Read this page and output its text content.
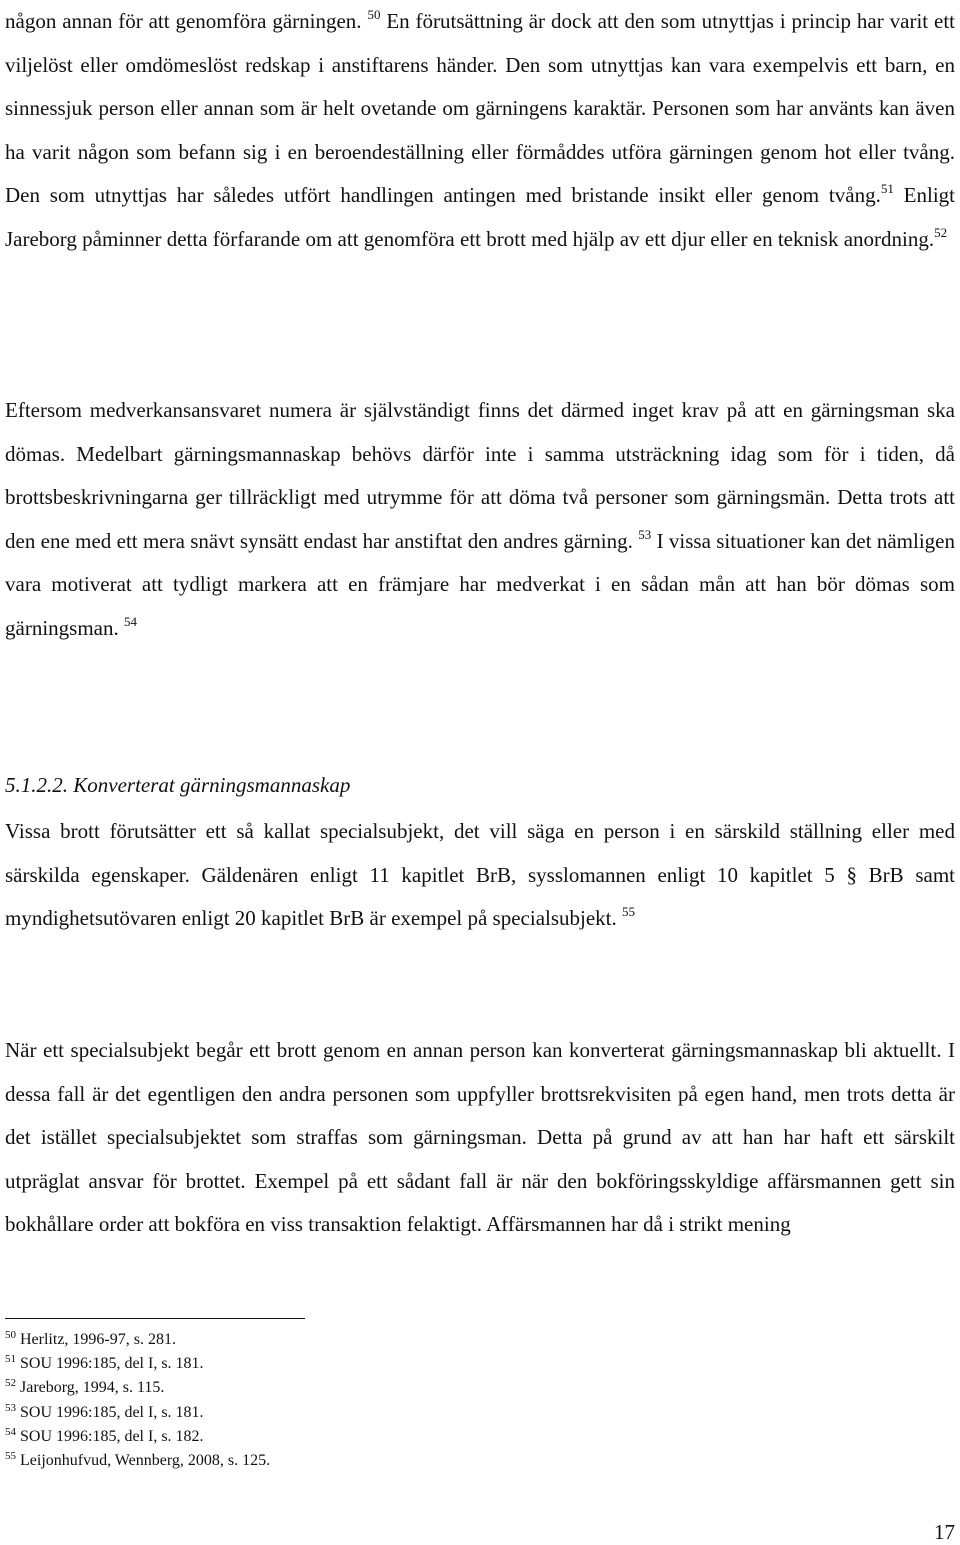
någon annan för att genomföra gärningen. $^{50}$ En förutsättning är dock att den som utnyttjas i princip har varit ett viljelöst eller omdömeslöst redskap i anstiftarens händer. Den som utnyttjas kan vara exempelvis ett barn, en sinnessjuk person eller annan som är helt ovetande om gärningens karaktär. Personen som har använts kan även ha varit någon som befann sig i en beroendeställning eller förmåddes utföra gärningen genom hot eller tvång. Den som utnyttjas har således utfört handlingen antingen med bristande insikt eller genom tvång.$^{51}$ Enligt Jareborg påminner detta förfarande om att genomföra ett brott med hjälp av ett djur eller en teknisk anordning.$^{52}$

Eftersom medverkansansvaret numera är självständigt finns det därmed inget krav på att en gärningsman ska dömas. Medelbart gärningsmannaskap behövs därför inte i samma utsträckning idag som för i tiden, då brottsbeskrivningarna ger tillräckligt med utrymme för att döma två personer som gärningsmän. Detta trots att den ene med ett mera snävt synsätt endast har anstiftat den andres gärning. $^{53}$ I vissa situationer kan det nämligen vara motiverat att tydligt markera att en främjare har medverkat i en sådan mån att han bör dömas som gärningsman. $^{54}$

5.1.2.2. Konverterat gärningsmannaskap

Vissa brott förutsätter ett så kallat specialsubjekt, det vill säga en person i en särskild ställning eller med särskilda egenskaper. Gäldenären enligt 11 kapitlet BrB, sysslomannen enligt 10 kapitlet 5 § BrB samt myndighetsutövaren enligt 20 kapitlet BrB är exempel på specialsubjekt. $^{55}$

När ett specialsubjekt begår ett brott genom en annan person kan konverterat gärningsmannaskap bli aktuellt. I dessa fall är det egentligen den andra personen som uppfyller brottsrekvisiten på egen hand, men trots detta är det istället specialsubjektet som straffas som gärningsman. Detta på grund av att han har haft ett särskilt utpräglat ansvar för brottet. Exempel på ett sådant fall är när den bokföringsskyldige affärsmannen gett sin bokhållare order att bokföra en viss transaktion felaktigt. Affärsmannen har då i strikt mening

$^{50}$ Herlitz, 1996-97, s. 281.

$^{51}$ SOU 1996:185, del I, s. 181.

$^{52}$ Jareborg, 1994, s. 115.

$^{53}$ SOU 1996:185, del I, s. 181.

$^{54}$ SOU 1996:185, del I, s. 182.

$^{55}$ Leijonhufvud, Wennberg, 2008, s. 125.

17
